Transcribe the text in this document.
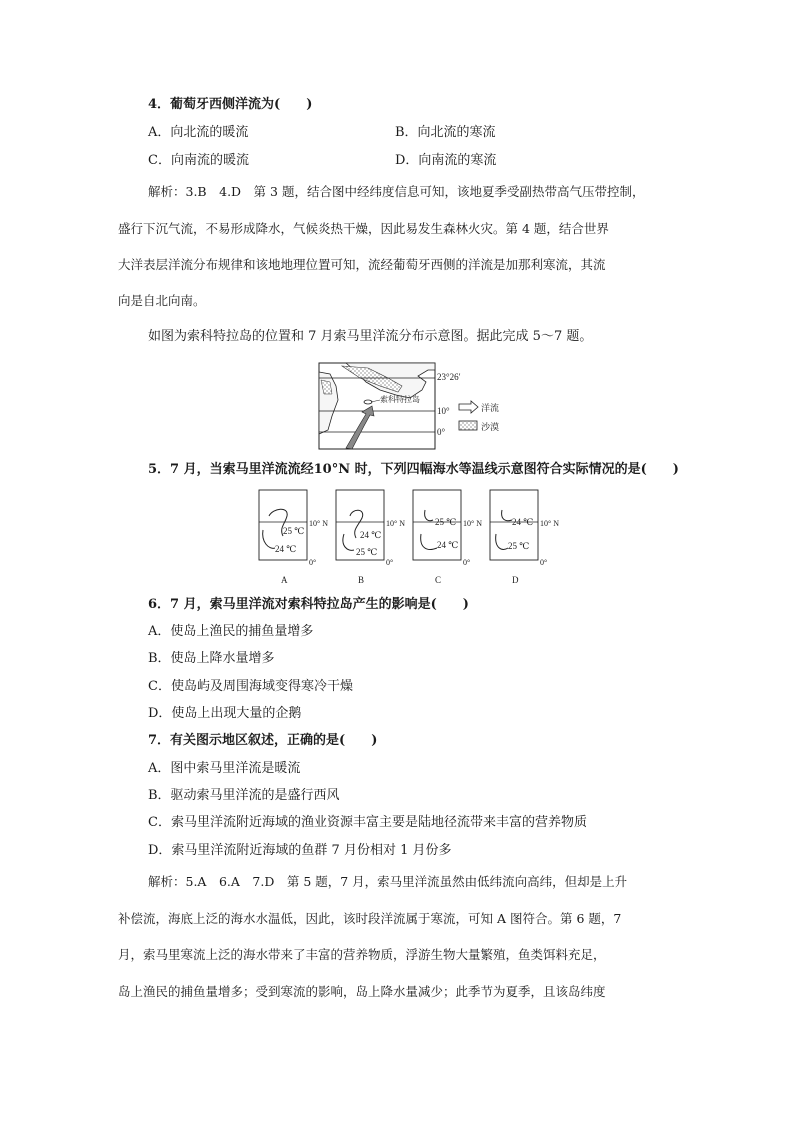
4．葡萄牙西侧洋流为(　　)
A．向北流的暖流	B．向北流的寒流
C．向南流的暖流	D．向南流的寒流
解析：3.B　4.D　第 3 题，结合图中经纬度信息可知，该地夏季受副热带高气压带控制，
盛行下沉气流，不易形成降水，气候炎热干燥，因此易发生森林火灾。第 4 题，结合世界
大洋表层洋流分布规律和该地地理位置可知，流经葡萄牙西侧的洋流是加那利寒流，其流
向是自北向南。
如图为索科特拉岛的位置和 7 月索马里洋流分布示意图。据此完成 5～7 题。
索科特拉岛
23°26′
10°
0°
洋流
沙漠
5．7 月，当索马里洋流流经10°N 时，下列四幅海水等温线示意图符合实际情况的是(　　)
25 ℃
24 ℃
10° N
0°
A
24 ℃
25 ℃
10° N
0°
B
25 ℃
24 ℃
10° N
0°
C
24 ℃
25 ℃
10° N
0°
D
6．7 月，索马里洋流对索科特拉岛产生的影响是(　　)
A．使岛上渔民的捕鱼量增多
B．使岛上降水量增多
C．使岛屿及周围海域变得寒冷干燥
D．使岛上出现大量的企鹅
7．有关图示地区叙述，正确的是(　　)
A．图中索马里洋流是暖流
B．驱动索马里洋流的是盛行西风
C．索马里洋流附近海域的渔业资源丰富主要是陆地径流带来丰富的营养物质
D．索马里洋流附近海域的鱼群 7 月份相对 1 月份多
解析：5.A　6.A　7.D　第 5 题，7 月，索马里洋流虽然由低纬流向高纬，但却是上升
补偿流，海底上泛的海水水温低，因此，该时段洋流属于寒流，可知 A 图符合。第 6 题，7
月，索马里寒流上泛的海水带来了丰富的营养物质，浮游生物大量繁殖，鱼类饵料充足，
岛上渔民的捕鱼量增多；受到寒流的影响，岛上降水量减少；此季节为夏季，且该岛纬度
